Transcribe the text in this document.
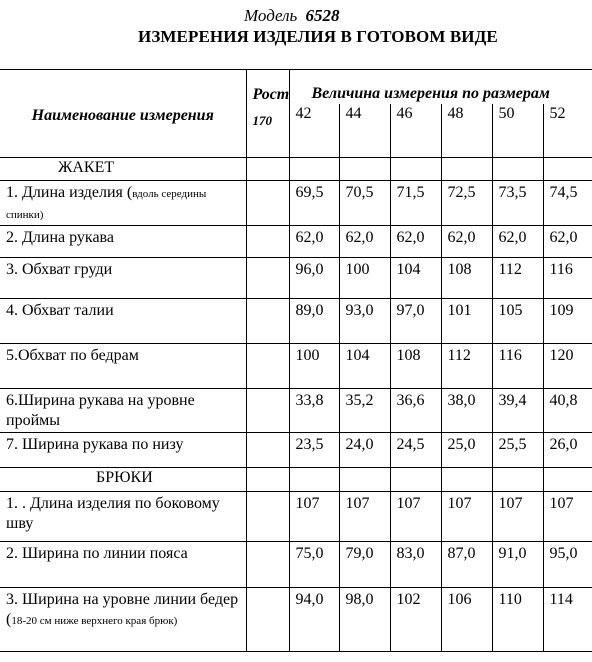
Модель 6528
ИЗМЕРЕНИЯ ИЗДЕЛИЯ В ГОТОВОМ ВИДЕ
Наименование измерения	Рост
170	Величина измерения по размерам					
		42	44	46	48	50	52
ЖАКЕТ							
1. Длина изделия (вдоль середины спинки)		69,5	70,5	71,5	72,5	73,5	74,5
2. Длина рукава		62,0	62,0	62,0	62,0	62,0	62,0
3. Обхват груди		96,0	100	104	108	112	116
4. Обхват талии		89,0	93,0	97,0	101	105	109
5.Обхват по бедрам		100	104	108	112	116	120
6.Ширина рукава на уровне проймы		33,8	35,2	36,6	38,0	39,4	40,8
7. Ширина рукава по низу		23,5	24,0	24,5	25,0	25,5	26,0
БРЮКИ							
1. . Длина изделия по боковому шву		107	107	107	107	107	107
2. Ширина по линии пояса		75,0	79,0	83,0	87,0	91,0	95,0
3. Ширина на уровне линии бедер (18-20 см ниже верхнего края брюк)		94,0	98,0	102	106	110	114
